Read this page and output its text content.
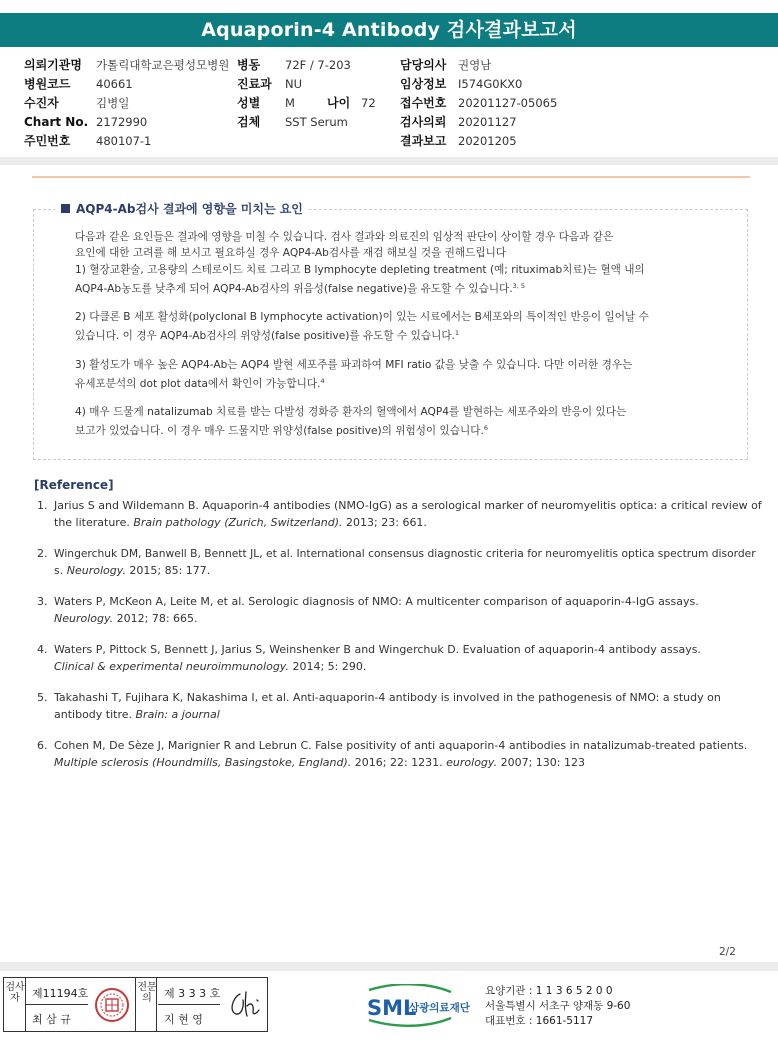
Aquaporin-4 Antibody 검사결과보고서
의뢰기관명 가톨릭대학교은평성모병원 병동 72F / 7-203	담당의사 권영남
병원코드 40661	진료과 NU	임상정보 I574G0KX0
수진자	김병일	성별 M	나이 72 접수번호 20201127-05065
Chart No. 2172990	검체 SST Serum	검사의뢰 20201127
주민번호 480107-1	결과보고 20201205
AQP4-Ab검사 결과에 영향을 미치는 요인
다음과 같은 요인들은 결과에 영향을 미칠 수 있습니다. 검사 결과와 의료진의 임상적 판단이 상이할 경우 다음과 같은
요인에 대한 고려를 해 보시고 필요하실 경우 AQP4-Ab검사를 재검 해보실 것을 권해드립니다
1) 혈장교환술, 고용량의 스테로이드 치료 그리고 B lymphocyte depleting treatment (예; rituximab치료)는 혈액 내의
AQP4-Ab농도를 낮추게 되어 AQP4-Ab검사의 위음성(false negative)을 유도할 수 있습니다.$^{3, 5}$
2) 다클론 B 세포 활성화(polyclonal B lymphocyte activation)이 있는 시료에서는 B세포와의 특이적인 반응이 일어날 수
있습니다. 이 경우 AQP4-Ab검사의 위양성(false positive)를 유도할 수 있습니다.$^1$
3) 활성도가 매우 높은 AQP4-Ab는 AQP4 발현 세포주를 파괴하여 MFI ratio 값을 낮출 수 있습니다. 다만 이러한 경우는
유세포분석의 dot plot data에서 확인이 가능합니다.$^4$
4) 매우 드물게 natalizumab 치료를 받는 다발성 경화증 환자의 혈액에서 AQP4를 발현하는 세포주와의 반응이 있다는
보고가 있었습니다. 이 경우 매우 드물지만 위양성(false positive)의 위험성이 있습니다.$^6$
[Reference]
1. Jarius S and Wildemann B. Aquaporin-4 antibodies (NMO-IgG) as a serological marker of neuromyelitis optica: a critical review of
the literature. Brain pathology (Zurich, Switzerland). 2013; 23: 661.
2. Wingerchuk DM, Banwell B, Bennett JL, et al. International consensus diagnostic criteria for neuromyelitis optica spectrum disorder
s. Neurology. 2015; 85: 177.
3. Waters P, McKeon A, Leite M, et al. Serologic diagnosis of NMO: A multicenter comparison of aquaporin-4-IgG assays.
Neurology. 2012; 78: 665.
4. Waters P, Pittock S, Bennett J, Jarius S, Weinshenker B and Wingerchuk D. Evaluation of aquaporin-4 antibody assays.
Clinical & experimental neuroimmunology. 2014; 5: 290.
5. Takahashi T, Fujihara K, Nakashima I, et al. Anti-aquaporin-4 antibody is involved in the pathogenesis of NMO: a study on
antibody titre. Brain: a journal
6. Cohen M, De Sèze J, Marignier R and Lebrun C. False positivity of anti aquaporin-4 antibodies in natalizumab-treated patients.
Multiple sclerosis (Houndmills, Basingstoke, England). 2016; 22: 1231. eurology. 2007; 130: 123
2/2
검사자	제11194호
최 삼 규
전문의	제 3 3 3 호
지 현 영	SML
삼광의료재단
요양기관 : 1 1 3 6 5 2 0 0
서울특별시 서초구 양재동 9-60
대표번호 : 1661-5117
